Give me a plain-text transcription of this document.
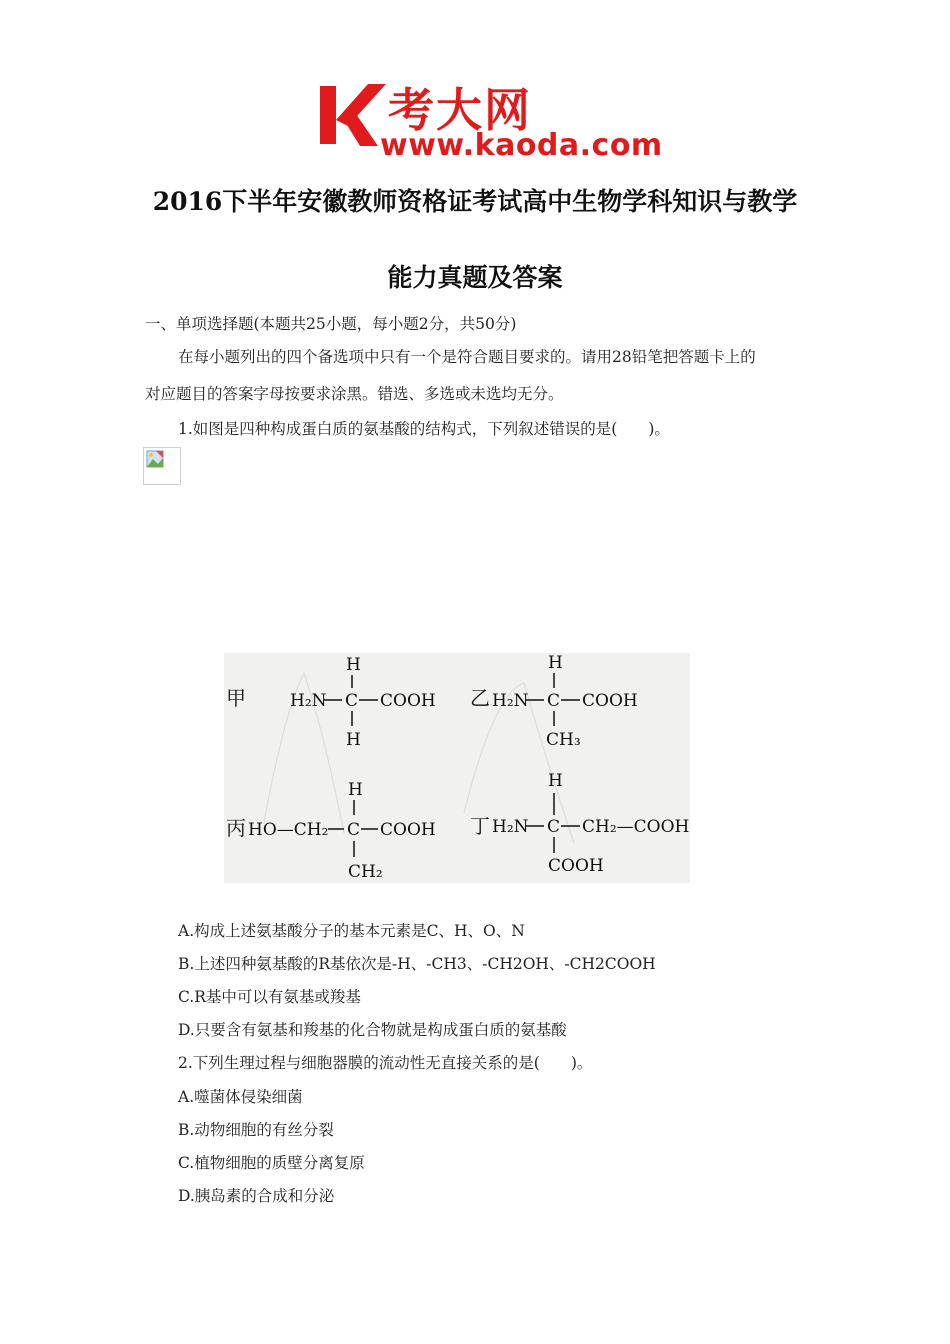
考大网
www.kaoda.com
2016下半年安徽教师资格证考试高中生物学科知识与教学
能力真题及答案
一、单项选择题(本题共25小题，每小题2分，共50分)
在每小题列出的四个备选项中只有一个是符合题目要求的。请用28铅笔把答题卡上的
对应题目的答案字母按要求涂黑。错选、多选或未选均无分。
1.如图是四种构成蛋白质的氨基酸的结构式，下列叙述错误的是(　　)。
甲
H
H₂N C COOH
H
乙
H
H₂N C COOH
CH₃
丙
H
HO—CH₂ C COOH
CH₂
丁
H
H₂N C CH₂—COOH
COOH
A.构成上述氨基酸分子的基本元素是C、H、O、N
B.上述四种氨基酸的R基依次是-H、-CH3、-CH2OH、-CH2COOH
C.R基中可以有氨基或羧基
D.只要含有氨基和羧基的化合物就是构成蛋白质的氨基酸
2.下列生理过程与细胞器膜的流动性无直接关系的是(　　)。
A.噬菌体侵染细菌
B.动物细胞的有丝分裂
C.植物细胞的质壁分离复原
D.胰岛素的合成和分泌
